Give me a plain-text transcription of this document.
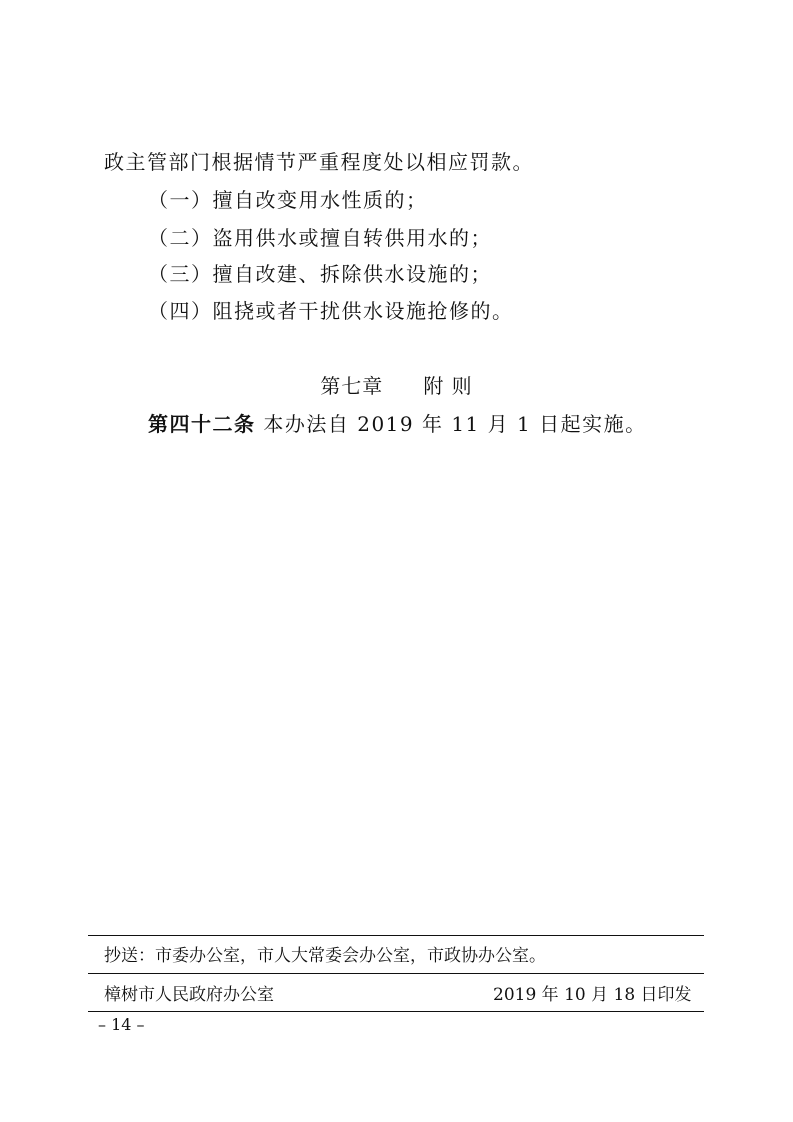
政主管部门根据情节严重程度处以相应罚款。
（一）擅自改变用水性质的；
（二）盗用供水或擅自转供用水的；
（三）擅自改建、拆除供水设施的；
（四）阻挠或者干扰供水设施抢修的。
第七章 附 则
第四十二条 本办法自 2019 年 11 月 1 日起实施。
抄送：市委办公室，市人大常委会办公室，市政协办公室。
樟树市人民政府办公室	2019 年 10 月 18 日印发
– 14 –
